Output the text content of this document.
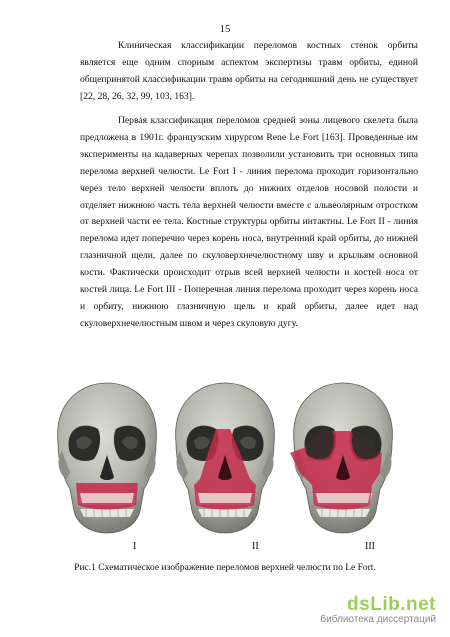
15

Клиническая классификации переломов костных стенок орбиты является еще одним спорным аспектом экспертизы травм орбиты, единой общепринятой классификации травм орбиты на сегодняшний день не существует [22, 28, 26, 32, 99, 103, 163].

Первая классификация переломов средней зоны лицевого скелета была предложена в 1901г. французским хирургом Rene Le Fort [163]. Проведенные им эксперименты на кадаверных черепах позволили установить три основных типа перелома верхней челюсти. Le Fort I - линия перелома проходит горизонтально через тело верхней челюсти вплоть до нижних отделов носовой полости и отделяет нижнюю часть тела верхней челюсти вместе с альвеолярным отростком от верхней части ее тела. Костные структуры орбиты интактны. Le Fort II - линия перелома идет поперечно через корень носа, внутренний край орбиты, до нижней глазничной щели, далее по скуловерхнечелюстному шву и крыльям основной кости. Фактически происходит отрыв всей верхней челюсти и костей носа от костей лица. Le Fort III - Поперечная линия перелома проходит через корень носа и орбиту, нижнюю глазничную щель и край орбиты, далее идет над скуловерхнечелюстным швом и через скуловую дугу.

I	II	III
Рис.1 Схематическое изображение переломов верхней челюсти по Le Fort.
dsLib.net
библиотека диссертаций
